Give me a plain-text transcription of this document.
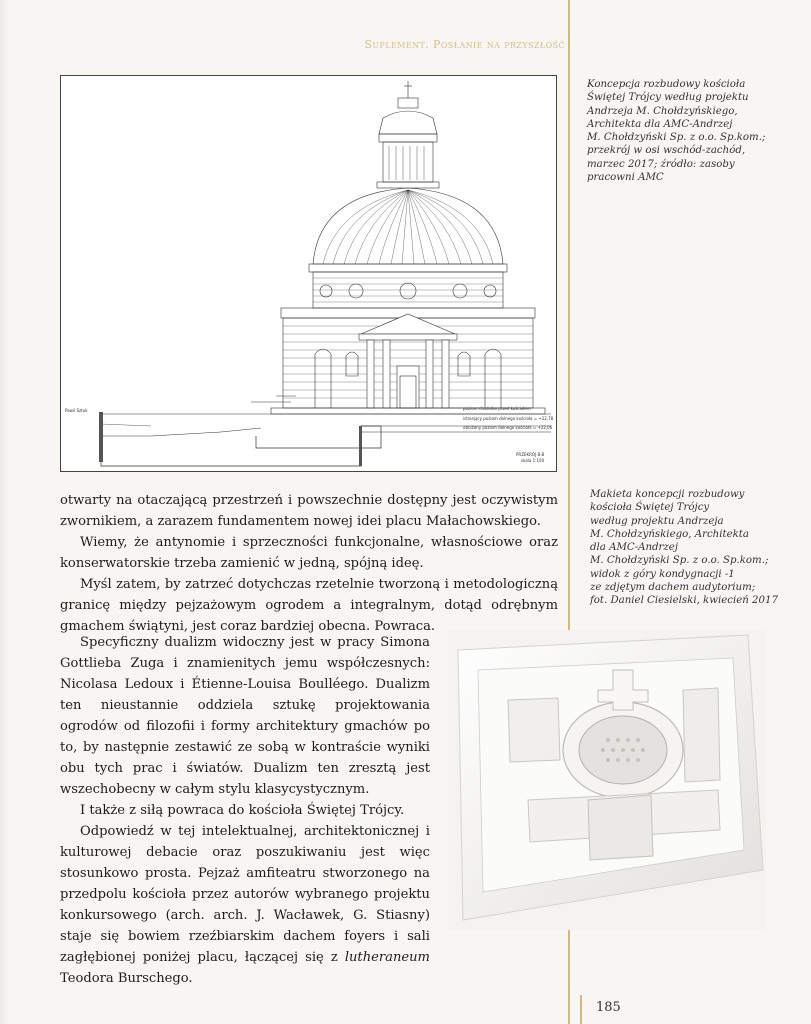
Suplement. Posłanie na przyszłość
Pawil Sztuk	poziom chodnika przed kościołem
istniejący poziom dolnego kościoła = +22,78
obniżony poziom dolnego kościoła = +22,06
PRZEKRÓJ B-B
skala 1:100
Koncepcja rozbudowy kościoła
Świętej Trójcy według projektu
Andrzeja M. Chołdzyńskiego,
Architekta dla AMC-Andrzej
M. Chołdzyński Sp. z o.o. Sp.kom.;
przekrój w osi wschód-zachód,
marzec 2017; źródło: zasoby
pracowni AMC
Makieta koncepcji rozbudowy
kościoła Świętej Trójcy
według projektu Andrzeja
M. Chołdzyńskiego, Architekta
dla AMC-Andrzej
M. Chołdzyński Sp. z o.o. Sp.kom.;
widok z góry kondygnacji -1
ze zdjętym dachem audytorium;
fot. Daniel Ciesielski, kwiecień 2017

otwarty na otaczającą przestrzeń i powszechnie dostępny jest oczywistym zwornikiem, a zarazem fundamentem nowej idei placu Małachowskiego.

Wiemy, że antynomie i sprzeczności funkcjonalne, własnościowe oraz konserwatorskie trzeba zamienić w jedną, spójną ideę.

Myśl zatem, by zatrzeć dotychczas rzetelnie tworzoną i metodologiczną granicę między pejzażowym ogrodem a integralnym, dotąd odrębnym gmachem świątyni, jest coraz bardziej obecna. Powraca.

Specyficzny dualizm widoczny jest w pracy Simona Gottlieba Zuga i znamienitych jemu współczesnych: Nicolasa Ledoux i Étienne-Louisa Boulléego. Dualizm ten nieustannie oddziela sztukę projektowania ogrodów od filozofii i formy architektury gmachów po to, by następnie zestawić ze sobą w kontraście wyniki obu tych prac i światów. Dualizm ten zresztą jest wszechobecny w całym stylu klasycystycznym.

I także z siłą powraca do kościoła Świętej Trójcy.

Odpowiedź w tej intelektualnej, architektonicznej i kulturowej debacie oraz poszukiwaniu jest więc stosunkowo prosta. Pejzaż amfiteatru stworzonego na przedpolu kościoła przez autorów wybranego projektu konkursowego (arch. arch. J. Wacławek, G. Stiasny) staje się bowiem rzeźbiarskim dachem foyers i sali zagłębionej poniżej placu, łączącej się z lutheraneum Teodora Burschego.

185
